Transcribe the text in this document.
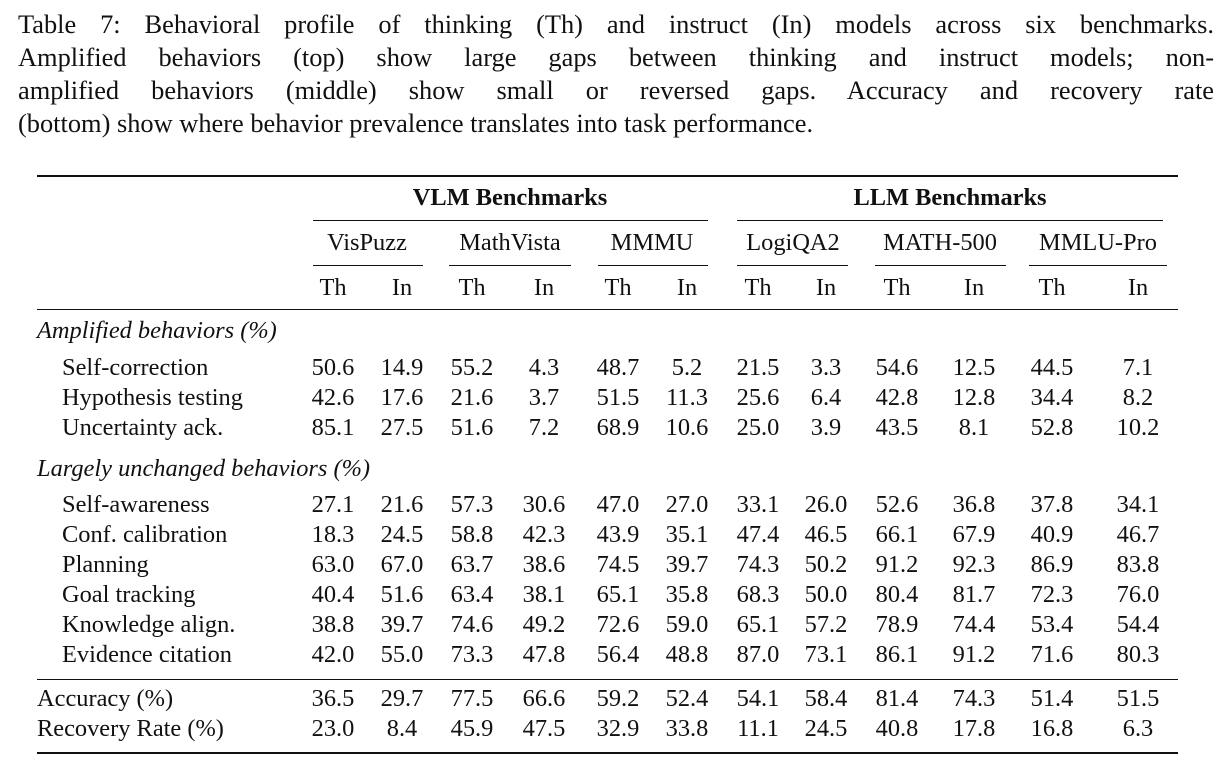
Table 7: Behavioral profile of thinking (Th) and instruct (In) models across six benchmarks.
Amplified behaviors (top) show large gaps between thinking and instruct models; non-
amplified behaviors (middle) show small or reversed gaps. Accuracy and recovery rate
(bottom) show where behavior prevalence translates into task performance.
VLM Benchmarks	LLM Benchmarks
VisPuzz MathVista MMMU LogiQA2 MATH-500 MMLU-Pro
Th In Th In Th In Th In Th In Th	In
Amplified behaviors (%)
Self-correction	50.6 14.9 55.2 4.3 48.7 5.2 21.5 3.3 54.6 12.5 44.5 7.1
Hypothesis testing	42.6 17.6 21.6 3.7 51.5 11.3 25.6 6.4 42.8 12.8 34.4 8.2
Uncertainty ack.	85.1 27.5 51.6 7.2 68.9 10.6 25.0 3.9 43.5 8.1 52.8 10.2
Largely unchanged behaviors (%)
Self-awareness	27.1 21.6 57.3 30.6 47.0 27.0 33.1 26.0 52.6 36.8 37.8 34.1
Conf. calibration	18.3 24.5 58.8 42.3 43.9 35.1 47.4 46.5 66.1 67.9 40.9 46.7
Planning	63.0 67.0 63.7 38.6 74.5 39.7 74.3 50.2 91.2 92.3 86.9 83.8
Goal tracking	40.4 51.6 63.4 38.1 65.1 35.8 68.3 50.0 80.4 81.7 72.3 76.0
Knowledge align.	38.8 39.7 74.6 49.2 72.6 59.0 65.1 57.2 78.9 74.4 53.4 54.4
Evidence citation	42.0 55.0 73.3 47.8 56.4 48.8 87.0 73.1 86.1 91.2 71.6 80.3
Accuracy (%)	36.5 29.7 77.5 66.6 59.2 52.4 54.1 58.4 81.4 74.3 51.4 51.5
Recovery Rate (%)	23.0 8.4 45.9 47.5 32.9 33.8 11.1 24.5 40.8 17.8 16.8 6.3
